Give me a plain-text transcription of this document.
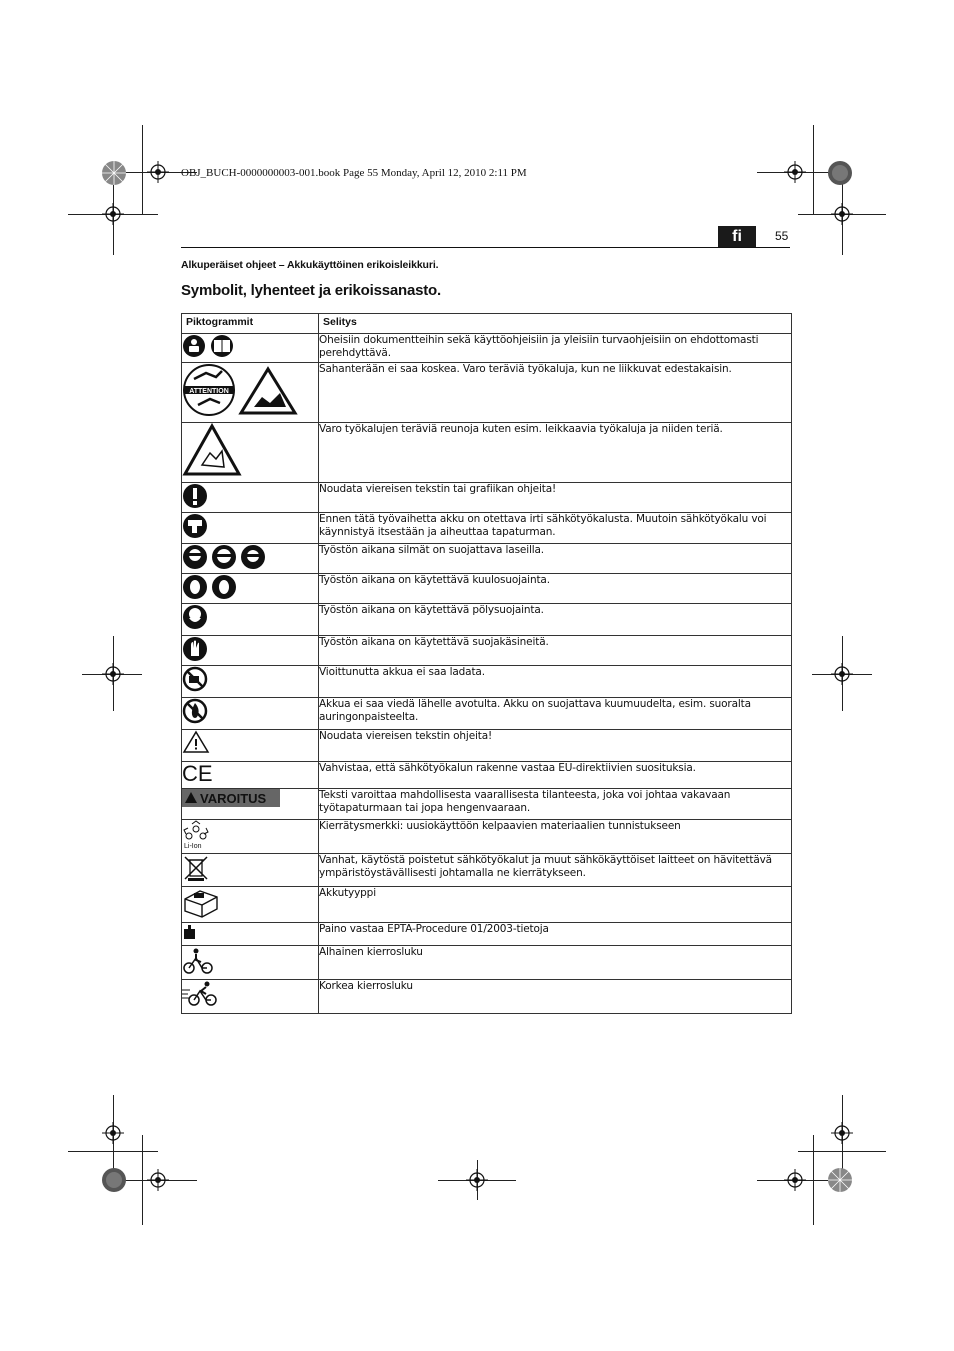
OBJ_BUCH-0000000003-001.book Page 55 Monday, April 12, 2010 2:11 PM
fi	55
Alkuperäiset ohjeet – Akkukäyttöinen erikoisleikkuri.
Symbolit, lyhenteet ja erikoissanasto.
Piktogrammit	Selitys
	Oheisiin dokumentteihin sekä käyttöohjeisiin ja yleisiin turvaohjeisiin on ehdottomasti perehdyttävä.

ATTENTION	Sahanterään ei saa koskea. Varo teräviä työkaluja, kun ne liikkuvat edestakaisin.
	Varo työkalujen teräviä reunoja kuten esim. leikkaavia työkaluja ja niiden teriä.
	Noudata viereisen tekstin tai grafiikan ohjeita!
	Ennen tätä työvaihetta akku on otettava irti sähkötyökalusta. Muutoin sähkötyökalu voi käynnistyä itsestään ja aiheuttaa tapaturman.
	Työstön aikana silmät on suojattava laseilla.
	Työstön aikana on käytettävä kuulosuojainta.
	Työstön aikana on käytettävä pölysuojainta.
	Työstön aikana on käytettävä suojakäsineitä.
	Vioittunutta akkua ei saa ladata.
	Akkua ei saa viedä lähelle avotulta. Akku on suojattava kuumuudelta, esim. suoralta auringonpaisteelta.
	Noudata viereisen tekstin ohjeita!

CE	Vahvistaa, että sähkötyökalun rakenne vastaa EU-direktiivien suosituksia.

VAROITUS	Teksti varoittaa mahdollisesta vaarallisesta tilanteesta, joka voi johtaa vakavaan työtapaturmaan tai jopa hengenvaaraan.

Li-Ion	Kierrätysmerkki: uusiokäyttöön kelpaavien materiaalien tunnistukseen
	Vanhat, käytöstä poistetut sähkötyökalut ja muut sähkökäyttöiset laitteet on hävitettävä ympäristöystävällisesti johtamalla ne kierrätykseen.
	Akkutyyppi
	Paino vastaa EPTA-Procedure 01/2003-tietoja
	Alhainen kierrosluku
	Korkea kierrosluku
